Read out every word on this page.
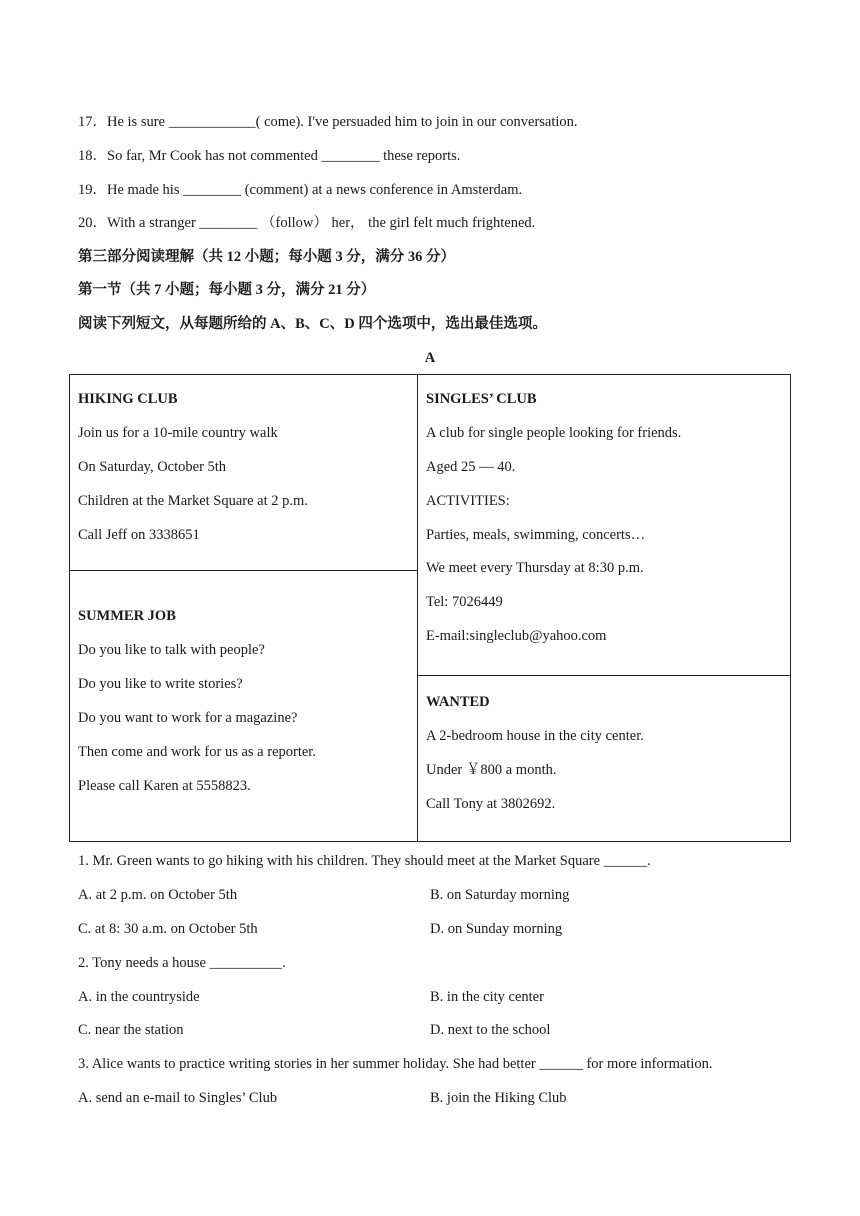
17．He is sure ____________( come). I've persuaded him to join in our conversation.
18．So far, Mr Cook has not commented ________ these reports.
19．He made his ________ (comment) at a news conference in Amsterdam.
20．With a stranger ________ （follow） her， the girl felt much frightened.
第三部分阅读理解（共 12 小题；每小题 3 分，满分 36 分）
第一节（共 7 小题；每小题 3 分，满分 21 分）
阅读下列短文，从每题所给的 A、B、C、D 四个选项中，选出最佳选项。
A
HIKING CLUB
Join us for a 10-mile country walk
On Saturday, October 5th
Children at the Market Square at 2 p.m.
Call Jeff on 3338651
SUMMER JOB
Do you like to talk with people?
Do you like to write stories?
Do you want to work for a magazine?
Then come and work for us as a reporter.
Please call Karen at 5558823.
SINGLES’ CLUB
A club for single people looking for friends.
Aged 25 — 40.
ACTIVITIES:
Parties, meals, swimming, concerts…
We meet every Thursday at 8:30 p.m.
Tel: 7026449
E-mail:singleclub@yahoo.com
WANTED
A 2-bedroom house in the city center.
Under ￥800 a month.
Call Tony at 3802692.
1. Mr. Green wants to go hiking with his children. They should meet at the Market Square ______.
A. at 2 p.m. on October 5th	B. on Saturday morning
C. at 8: 30 a.m. on October 5th	D. on Sunday morning
2. Tony needs a house __________.
A. in the countryside	B. in the city center
C. near the station	D. next to the school
3. Alice wants to practice writing stories in her summer holiday. She had better ______ for more information.
A. send an e-mail to Singles’ Club	B. join the Hiking Club
